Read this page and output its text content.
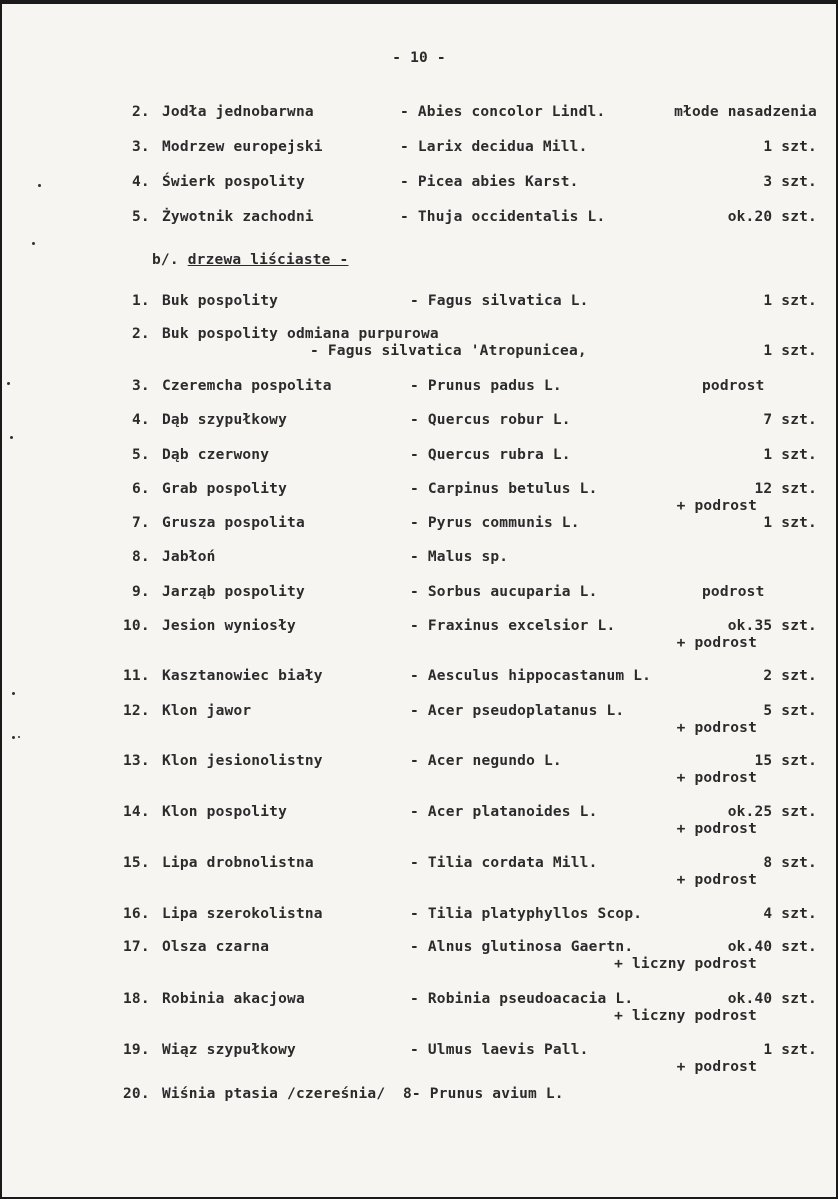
- 10 -
2. Jodła jednobarwna	- Abies concolor Lindl.	młode nasadzenia
3. Modrzew europejski	- Larix decidua Mill.	1 szt.
4. Świerk pospolity	- Picea abies Karst.	3 szt.
5. Żywotnik zachodni	- Thuja occidentalis L.	ok.20 szt.
b/. drzewa liściaste -
1. Buk pospolity	- Fagus silvatica L.	1 szt.
2. Buk pospolity odmiana purpurowa
- Fagus silvatica 'Atropunicea,	1 szt.
3. Czeremcha pospolita	- Prunus padus L.	podrost
4. Dąb szypułkowy	- Quercus robur L.	7 szt.
5. Dąb czerwony	- Quercus rubra L.	1 szt.
6. Grab pospolity	- Carpinus betulus L.	12 szt.
+ podrost
7. Grusza pospolita	- Pyrus communis L.	1 szt.
8. Jabłoń	- Malus sp.
9. Jarząb pospolity	- Sorbus aucuparia L.	podrost
10. Jesion wyniosły	- Fraxinus excelsior L.	ok.35 szt.
+ podrost
11. Kasztanowiec biały	- Aesculus hippocastanum L.	2 szt.
12. Klon jawor	- Acer pseudoplatanus L.	5 szt.
+ podrost
13. Klon jesionolistny	- Acer negundo L.	15 szt.
+ podrost
14. Klon pospolity	- Acer platanoides L.	ok.25 szt.
+ podrost
15. Lipa drobnolistna	- Tilia cordata Mill.	8 szt.
+ podrost
16. Lipa szerokolistna	- Tilia platyphyllos Scop.	4 szt.
17. Olsza czarna	- Alnus glutinosa Gaertn.	ok.40 szt.
+ liczny podrost
18. Robinia akacjowa	- Robinia pseudoacacia L.	ok.40 szt.
+ liczny podrost
19. Wiąz szypułkowy	- Ulmus laevis Pall.	1 szt.
+ podrost
20. Wiśnia ptasia /czereśnia/ 8- Prunus avium L.
